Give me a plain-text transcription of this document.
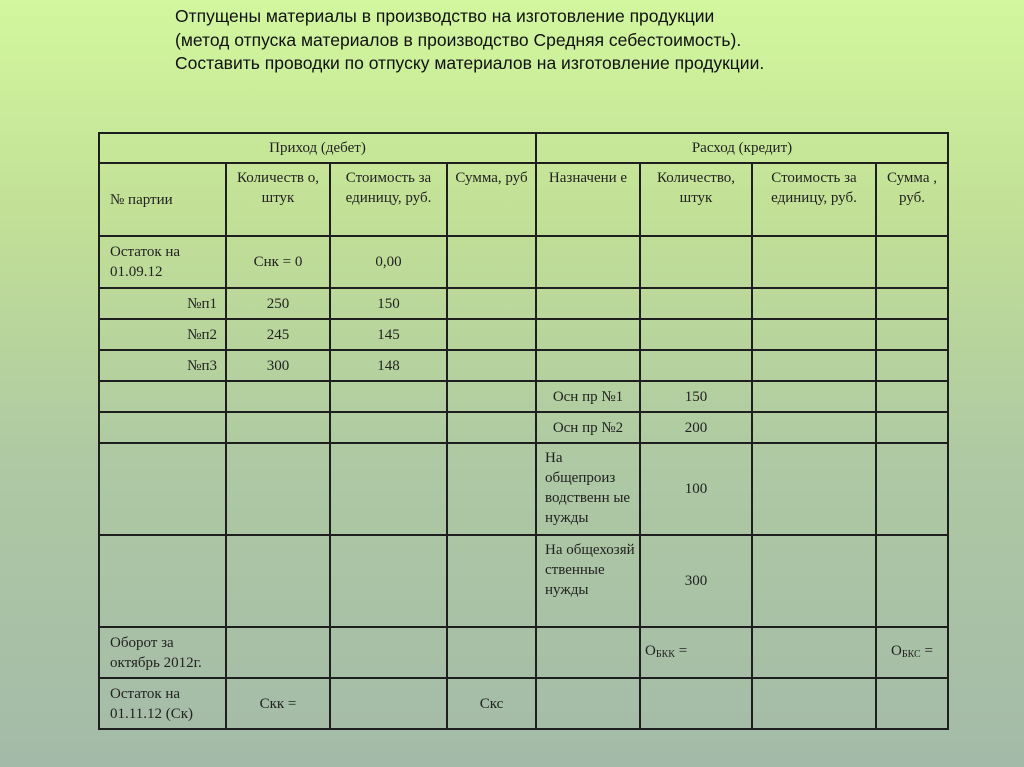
Отпущены материалы в производство на изготовление продукции
(метод отпуска материалов в производство Средняя себестоимость).
Составить проводки по отпуску материалов на изготовление продукции.
Приход (дебет)				Расход (кредит)			
№ партии	Количеств о, штук	Стоимость за единицу, руб.	Сумма, руб	Назначени е	Количество, штук	Стоимость за единицу, руб.	Сумма , руб.
Остаток на 01.09.12	Cнк = 0	0,00					
№п1	250	150					
№п2	245	145					
№п3	300	148					
				Осн пр №1	150		
				Осн пр №2	200		
				На общепроиз водственн ые нужды	100		
				На общехозяй ственные нужды	300		
Оборот за октябрь 2012г.					$O_{БКК}$ =		$O_{БКС}$ =
Остаток на 01.11.12 (Ск)	Скк =		Скс				
